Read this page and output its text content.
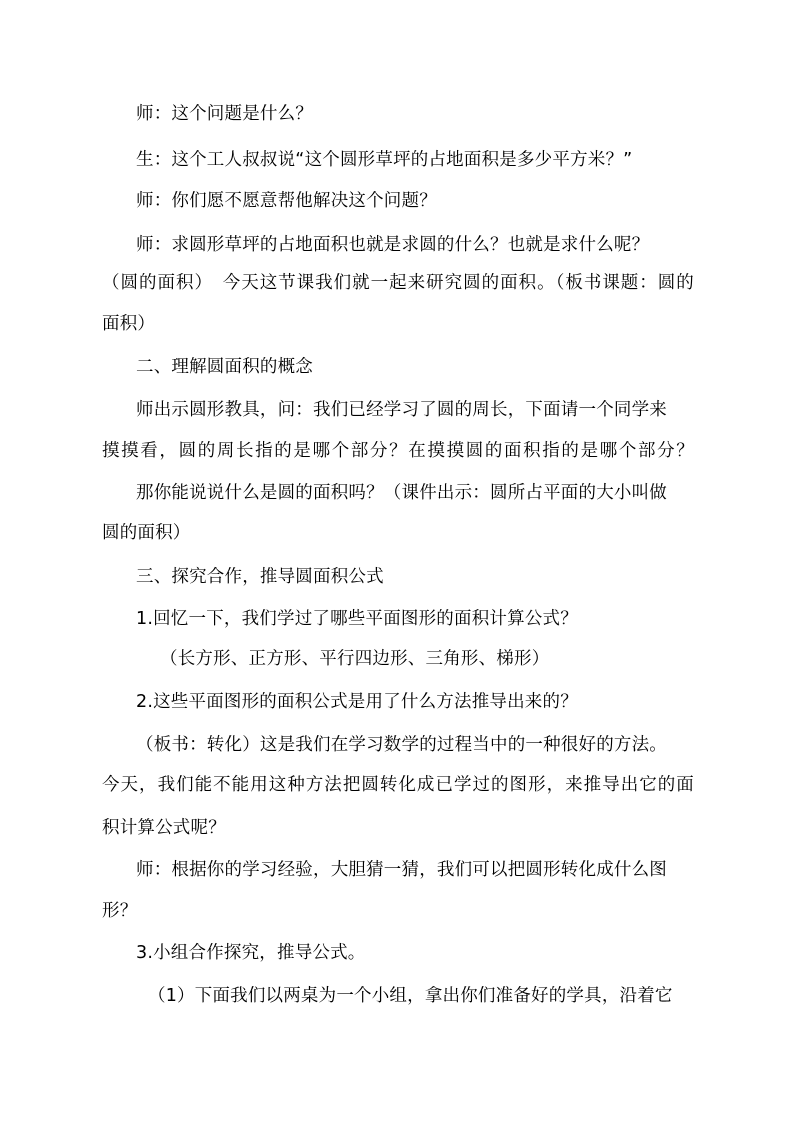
师：这个问题是什么？
生：这个工人叔叔说“这个圆形草坪的占地面积是多少平方米？”
师：你们愿不愿意帮他解决这个问题？
师：求圆形草坪的占地面积也就是求圆的什么？也就是求什么呢？
（圆的面积）　今天这节课我们就一起来研究圆的面积。（板书课题：圆的
面积）
二、理解圆面积的概念
师出示圆形教具，问：我们已经学习了圆的周长，下面请一个同学来
摸摸看，圆的周长指的是哪个部分？在摸摸圆的面积指的是哪个部分？
那你能说说什么是圆的面积吗？（课件出示：圆所占平面的大小叫做
圆的面积）
三、探究合作，推导圆面积公式
1.回忆一下，我们学过了哪些平面图形的面积计算公式？
（长方形、正方形、平行四边形、三角形、梯形）
2.这些平面图形的面积公式是用了什么方法推导出来的？
（板书：转化）这是我们在学习数学的过程当中的一种很好的方法。
今天，我们能不能用这种方法把圆转化成已学过的图形，来推导出它的面
积计算公式呢？
师：根据你的学习经验，大胆猜一猜，我们可以把圆形转化成什么图
形？
3.小组合作探究，推导公式。
（1）下面我们以两桌为一个小组，拿出你们准备好的学具，沿着它
